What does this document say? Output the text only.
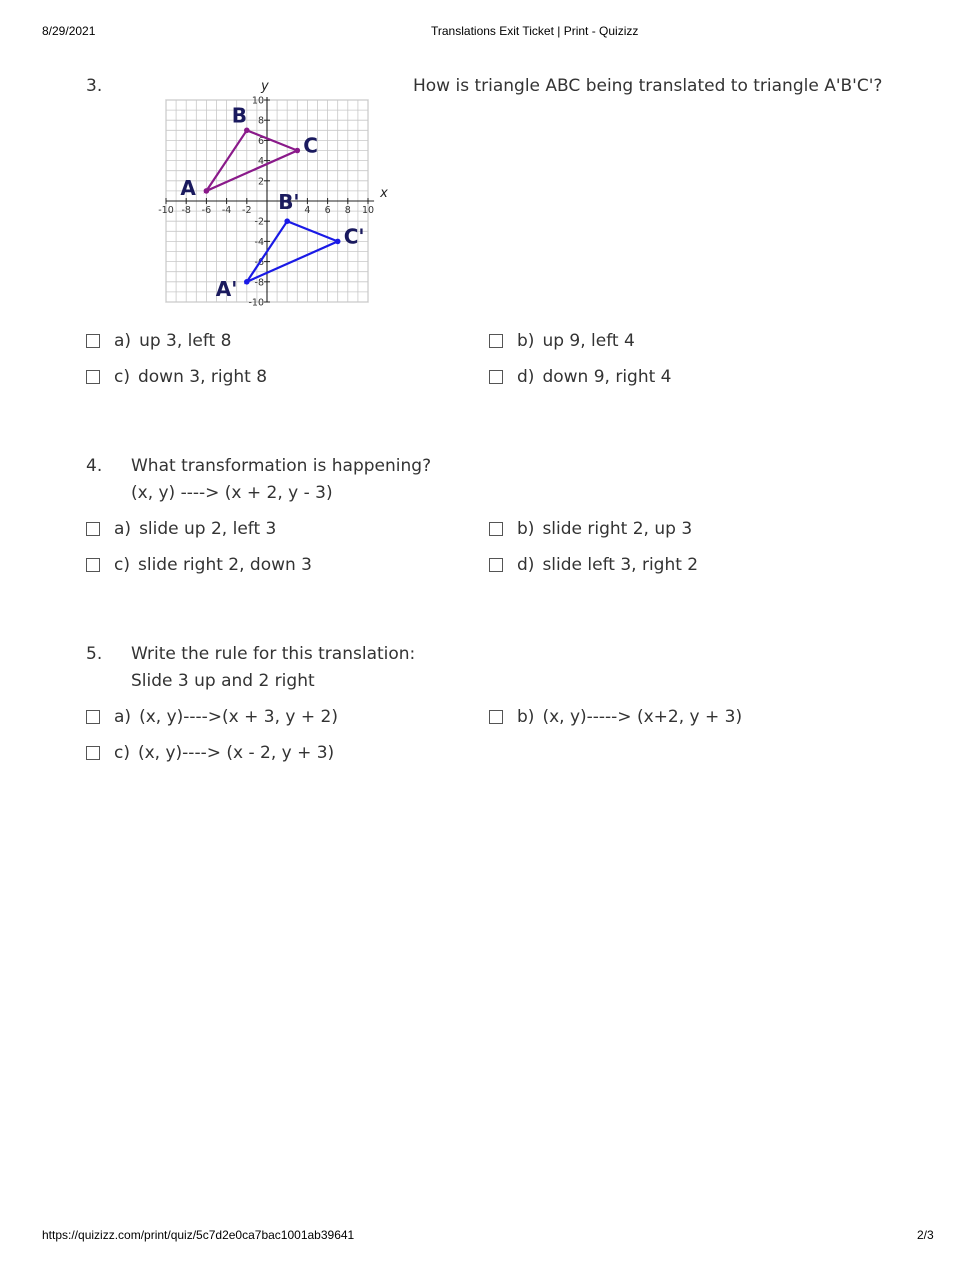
8/29/2021	Translations Exit Ticket | Print - Quizizz
https://quizizz.com/print/quiz/5c7d2e0ca7bac1001ab39641	2/3
3.	How is triangle ABC being translated to triangle A'B'C'?
x
y
-10 -8 -6 -4 -2	4 6 8 10
10
8
6
4
2
-2
-4
-6
-8
-10
A
B
C
A'
B'
C'
a) up 3, left 8	b) up 9, left 4
c) down 3, right 8	d) down 9, right 4
4. What transformation is happening?
(x, y) ----> (x + 2, y - 3)
a) slide up 2, left 3	b) slide right 2, up 3
c) slide right 2, down 3	d) slide left 3, right 2
5. Write the rule for this translation:
Slide 3 up and 2 right
a) (x, y)---->(x + 3, y + 2)	b) (x, y)-----> (x+2, y + 3)
c) (x, y)----> (x - 2, y + 3)
